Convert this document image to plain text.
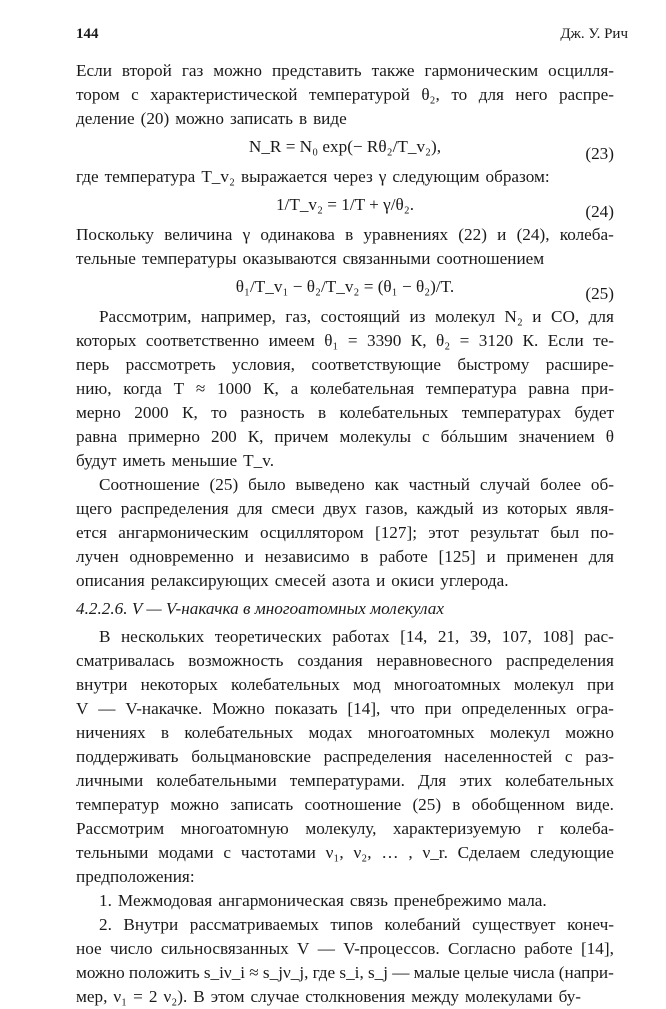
144	Дж. У. Рич
Если второй газ можно представить также гармоническим осцилля-
тором с характеристической температурой θ₂, то для него распре-
деление (20) можно записать в виде
N_R = N₀ exp(− Rθ₂/T_v₂),	(23)
где температура T_v₂ выражается через γ следующим образом:
1/T_v₂ = 1/T + γ/θ₂.	(24)
Поскольку величина γ одинакова в уравнениях (22) и (24), колеба-
тельные температуры оказываются связанными соотношением
θ₁/T_v₁ − θ₂/T_v₂ = (θ₁ − θ₂)/T.	(25)
Рассмотрим, например, газ, состоящий из молекул N₂ и CO, для
которых соответственно имеем θ₁ = 3390 К, θ₂ = 3120 К. Если те-
перь рассмотреть условия, соответствующие быстрому расшире-
нию, когда T ≈ 1000 К, а колебательная температура равна при-
мерно 2000 К, то разность в колебательных температурах будет
равна примерно 200 К, причем молекулы с бóльшим значением θ
будут иметь меньшие T_v.
Соотношение (25) было выведено как частный случай более об-
щего распределения для смеси двух газов, каждый из которых явля-
ется ангармоническим осциллятором [127]; этот результат был по-
лучен одновременно и независимо в работе [125] и применен для
описания релаксирующих смесей азота и окиси углерода.
4.2.2.6. V — V-накачка в многоатомных молекулах
В нескольких теоретических работах [14, 21, 39, 107, 108] рас-
сматривалась возможность создания неравновесного распределения
внутри некоторых колебательных мод многоатомных молекул при
V — V-накачке. Можно показать [14], что при определенных огра-
ничениях в колебательных модах многоатомных молекул можно
поддерживать больцмановские распределения населенностей с раз-
личными колебательными температурами. Для этих колебательных
температур можно записать соотношение (25) в обобщенном виде.
Рассмотрим многоатомную молекулу, характеризуемую r колеба-
тельными модами с частотами ν₁, ν₂, … , ν_r. Сделаем следующие
предположения:
1. Межмодовая ангармоническая связь пренебрежимо мала.
2. Внутри рассматриваемых типов колебаний существует конеч-
ное число сильносвязанных V — V-процессов. Согласно работе [14],
можно положить s_iν_i ≈ s_jν_j, где s_i, s_j — малые целые числа (напри-
мер, ν₁ = 2 ν₂). В этом случае столкновения между молекулами бу-
